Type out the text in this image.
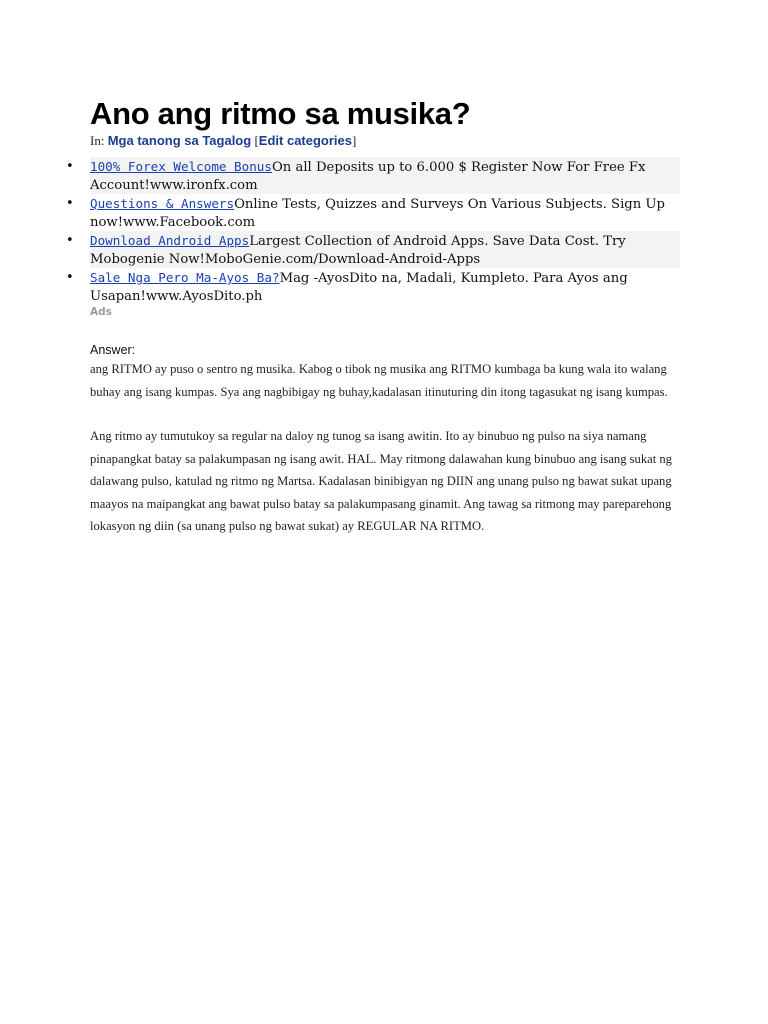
Ano ang ritmo sa musika?
In: Mga tanong sa Tagalog [Edit categories]
• 100% Forex Welcome BonusOn all Deposits up to 6.000 $ Register Now For Free Fx Account!www.ironfx.com
• Questions & AnswersOnline Tests, Quizzes and Surveys On Various Subjects. Sign Up now!www.Facebook.com
• Download Android AppsLargest Collection of Android Apps. Save Data Cost. Try Mobogenie Now!MoboGenie.com/Download-Android-Apps
• Sale Nga Pero Ma-Ayos Ba?Mag -AyosDito na, Madali, Kumpleto. Para Ayos ang Usapan!www.AyosDito.ph
Ads
Answer:

ang RITMO ay puso o sentro ng musika. Kabog o tibok ng musika ang RITMO kumbaga ba kung wala ito walang buhay ang isang kumpas. Sya ang nagbibigay ng buhay,kadalasan itinuturing din itong tagasukat ng isang kumpas.

Ang ritmo ay tumutukoy sa regular na daloy ng tunog sa isang awitin. Ito ay binubuo ng pulso na siya namang pinapangkat batay sa palakumpasan ng isang awit. HAL. May ritmong dalawahan kung binubuo ang isang sukat ng dalawang pulso, katulad ng ritmo ng Martsa. Kadalasan binibigyan ng DIIN ang unang pulso ng bawat sukat upang maayos na maipangkat ang bawat pulso batay sa palakumpasang ginamit. Ang tawag sa ritmong may pareparehong lokasyon ng diin (sa unang pulso ng bawat sukat) ay REGULAR NA RITMO.
